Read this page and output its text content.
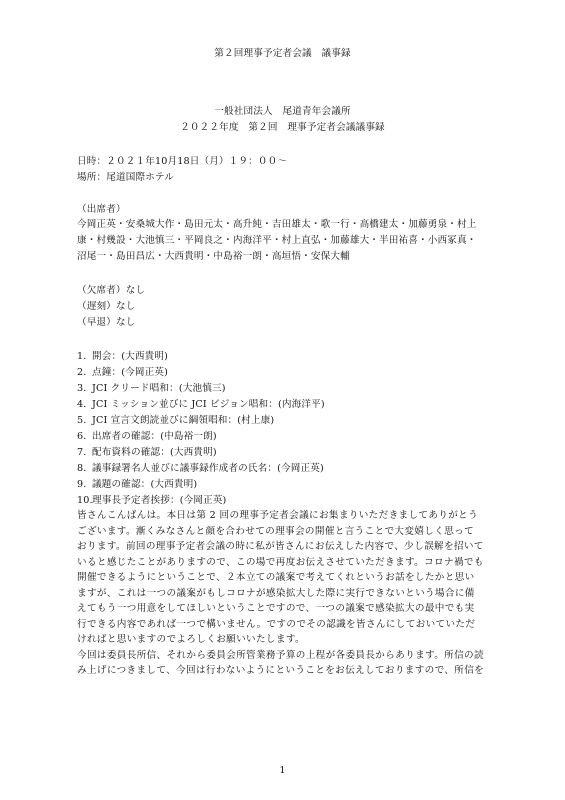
第２回理事予定者会議　議事録
一般社団法人　尾道青年会議所
２０２２年度　第２回　理事予定者会議議事録
日時：２０２１年10月18日（月）１９：００～
場所：尾道国際ホテル
（出席者）
今岡正英・安桑城大作・島田元太・高升純・吉田雄太・歌一行・高橋建太・加藤勇泉・村上
康・村幾設・大池慎三・平岡良之・内海洋平・村上直弘・加藤雄大・半田祐喜・小西冢真・
沼尾一・島田昌広・大西貴明・中島裕一朗・高垣悟・安保大輔
（欠席者）なし
（遅刻）なし
（早退）なし
1. 開会：(大西貴明)
2. 点鐘：(今岡正英)
3. JCI クリード唱和：(大池慎三)
4. JCI ミッション並びに JCI ビジョン唱和：(内海洋平)
5. JCI 宣言文朗読並びに綱領唱和：(村上康)
6. 出席者の確認：(中島裕一朗)
7. 配布資料の確認：(大西貴明)
8. 議事録署名人並びに議事録作成者の氏名：(今岡正英)
9. 議題の確認：(大西貴明)
10.理事長予定者挨拶：(今岡正英)

皆さんこんばんは。本日は第 2 回の理事予定者会議にお集まりいただきましてありがとう

ございます。漸くみなさんと顔を合わせての理事会の開催と言うことで大変嬉しく思って

おります。前回の理事予定者会議の時に私が皆さんにお伝えした内容で、少し誤解を招いて

いると感じたことがありますので、この場で再度お伝えさせていただきます。コロナ禍でも

開催できるようにということで、２本立ての議案で考えてくれというお話をしたかと思い

ますが、これは一つの議案がもしコロナが感染拡大した際に実行できないという場合に備

えてもう一つ用意をしてほしいということですので、一つの議案で感染拡大の最中でも実

行できる内容であれば一つで構いません。ですのでその認識を皆さんにしておいていただ

ければと思いますのでよろしくお願いいたします。

今回は委員長所信、それから委員会所管業務予算の上程が各委員長からあります。所信の読

み上げにつきまして、今回は行わないようにということをお伝えしておりますので、所信を

1
